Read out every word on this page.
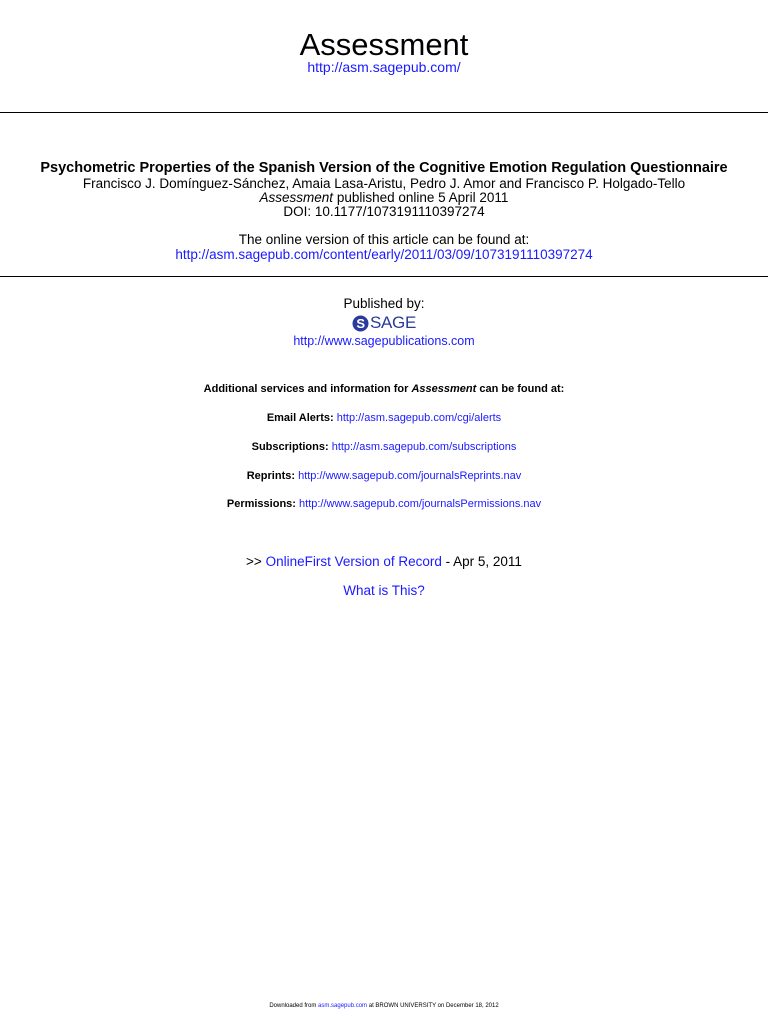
Assessment
http://asm.sagepub.com/
Psychometric Properties of the Spanish Version of the Cognitive Emotion Regulation Questionnaire
Francisco J. Domínguez-Sánchez, Amaia Lasa-Aristu, Pedro J. Amor and Francisco P. Holgado-Tello
Assessment published online 5 April 2011
DOI: 10.1177/1073191110397274
The online version of this article can be found at:
http://asm.sagepub.com/content/early/2011/03/09/1073191110397274
Published by:
S SAGE
http://www.sagepublications.com
Additional services and information for Assessment can be found at:
Email Alerts: http://asm.sagepub.com/cgi/alerts
Subscriptions: http://asm.sagepub.com/subscriptions
Reprints: http://www.sagepub.com/journalsReprints.nav
Permissions: http://www.sagepub.com/journalsPermissions.nav
>> OnlineFirst Version of Record - Apr 5, 2011
What is This?
Downloaded from asm.sagepub.com at BROWN UNIVERSITY on December 18, 2012
